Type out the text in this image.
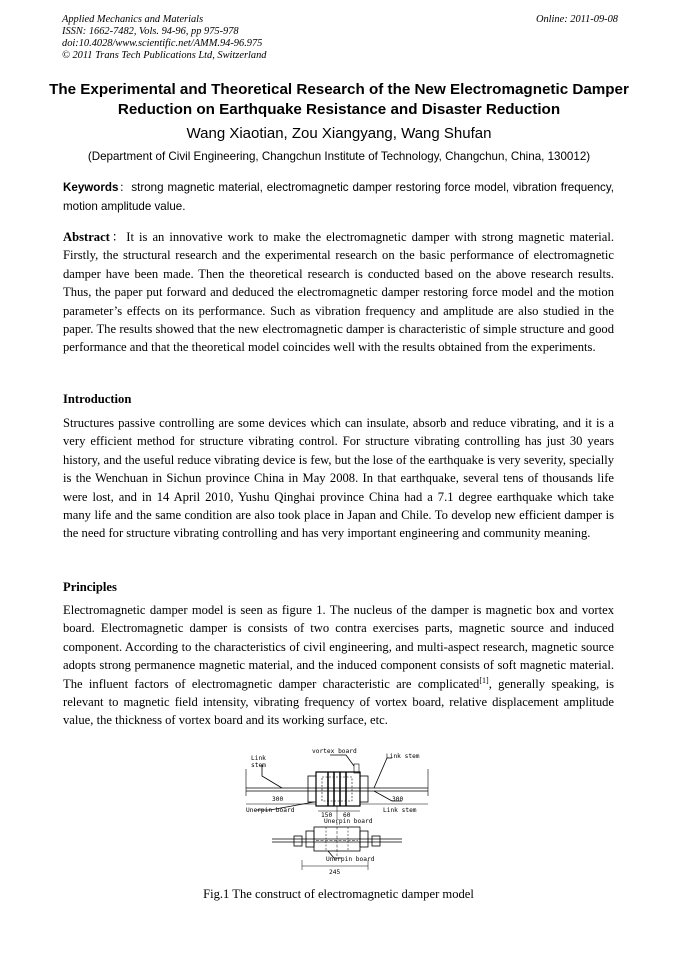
Applied Mechanics and Materials
ISSN: 1662-7482, Vols. 94-96, pp 975-978
doi:10.4028/www.scientific.net/AMM.94-96.975
© 2011 Trans Tech Publications Ltd, Switzerland
Online: 2011-09-08
The Experimental and Theoretical Research of the New Electromagnetic Damper Reduction on Earthquake Resistance and Disaster Reduction
Wang Xiaotian, Zou Xiangyang, Wang Shufan
(Department of Civil Engineering, Changchun Institute of Technology, Changchun, China, 130012)
Keywords：strong magnetic material, electromagnetic damper restoring force model, vibration frequency, motion amplitude value.
Abstract：It is an innovative work to make the electromagnetic damper with strong magnetic material. Firstly, the structural research and the experimental research on the basic performance of electromagnetic damper have been made. Then the theoretical research is conducted based on the above research results. Thus, the paper put forward and deduced the electromagnetic damper restoring force model and the motion parameter’s effects on its performance. Such as vibration frequency and amplitude are also studied in the paper. The results showed that the new electromagnetic damper is characteristic of simple structure and good performance and that the theoretical model coincides well with the results obtained from the experiments.
Introduction
Structures passive controlling are some devices which can insulate, absorb and reduce vibrating, and it is a very efficient method for structure vibrating control. For structure vibrating controlling has just 30 years history, and the useful reduce vibrating device is few, but the lose of the earthquake is very severity, specially is the Wenchuan in Sichun province China in May 2008. In that earthquake, several tens of thousands life were lost, and in 14 April 2010, Yushu Qinghai province China had a 7.1 degree earthquake which take many life and the same condition are also took place in Japan and Chile. To develop new efficient damper is the need for structure vibrating controlling and has very important engineering and community meaning.
Principles
Electromagnetic damper model is seen as figure 1. The nucleus of the damper is magnetic box and vortex board. Electromagnetic damper is consists of two contra exercises parts, magnetic source and induced component. According to the characteristics of civil engineering, and multi-aspect research, magnetic source adopts strong permanence magnetic material, and the induced component consists of soft magnetic material. The influent factors of electromagnetic damper characteristic are complicated[1], generally speaking, is relevant to magnetic field intensity, vibrating frequency of vortex board, relative displacement amplitude value, the thickness of vortex board and its working surface, etc.
vortex board
Link
stem
Link stem
300	300
Unerpin board	Link stem
150 60
Unerpin board
Unerpin board
245
Fig.1 The construct of electromagnetic damper model
